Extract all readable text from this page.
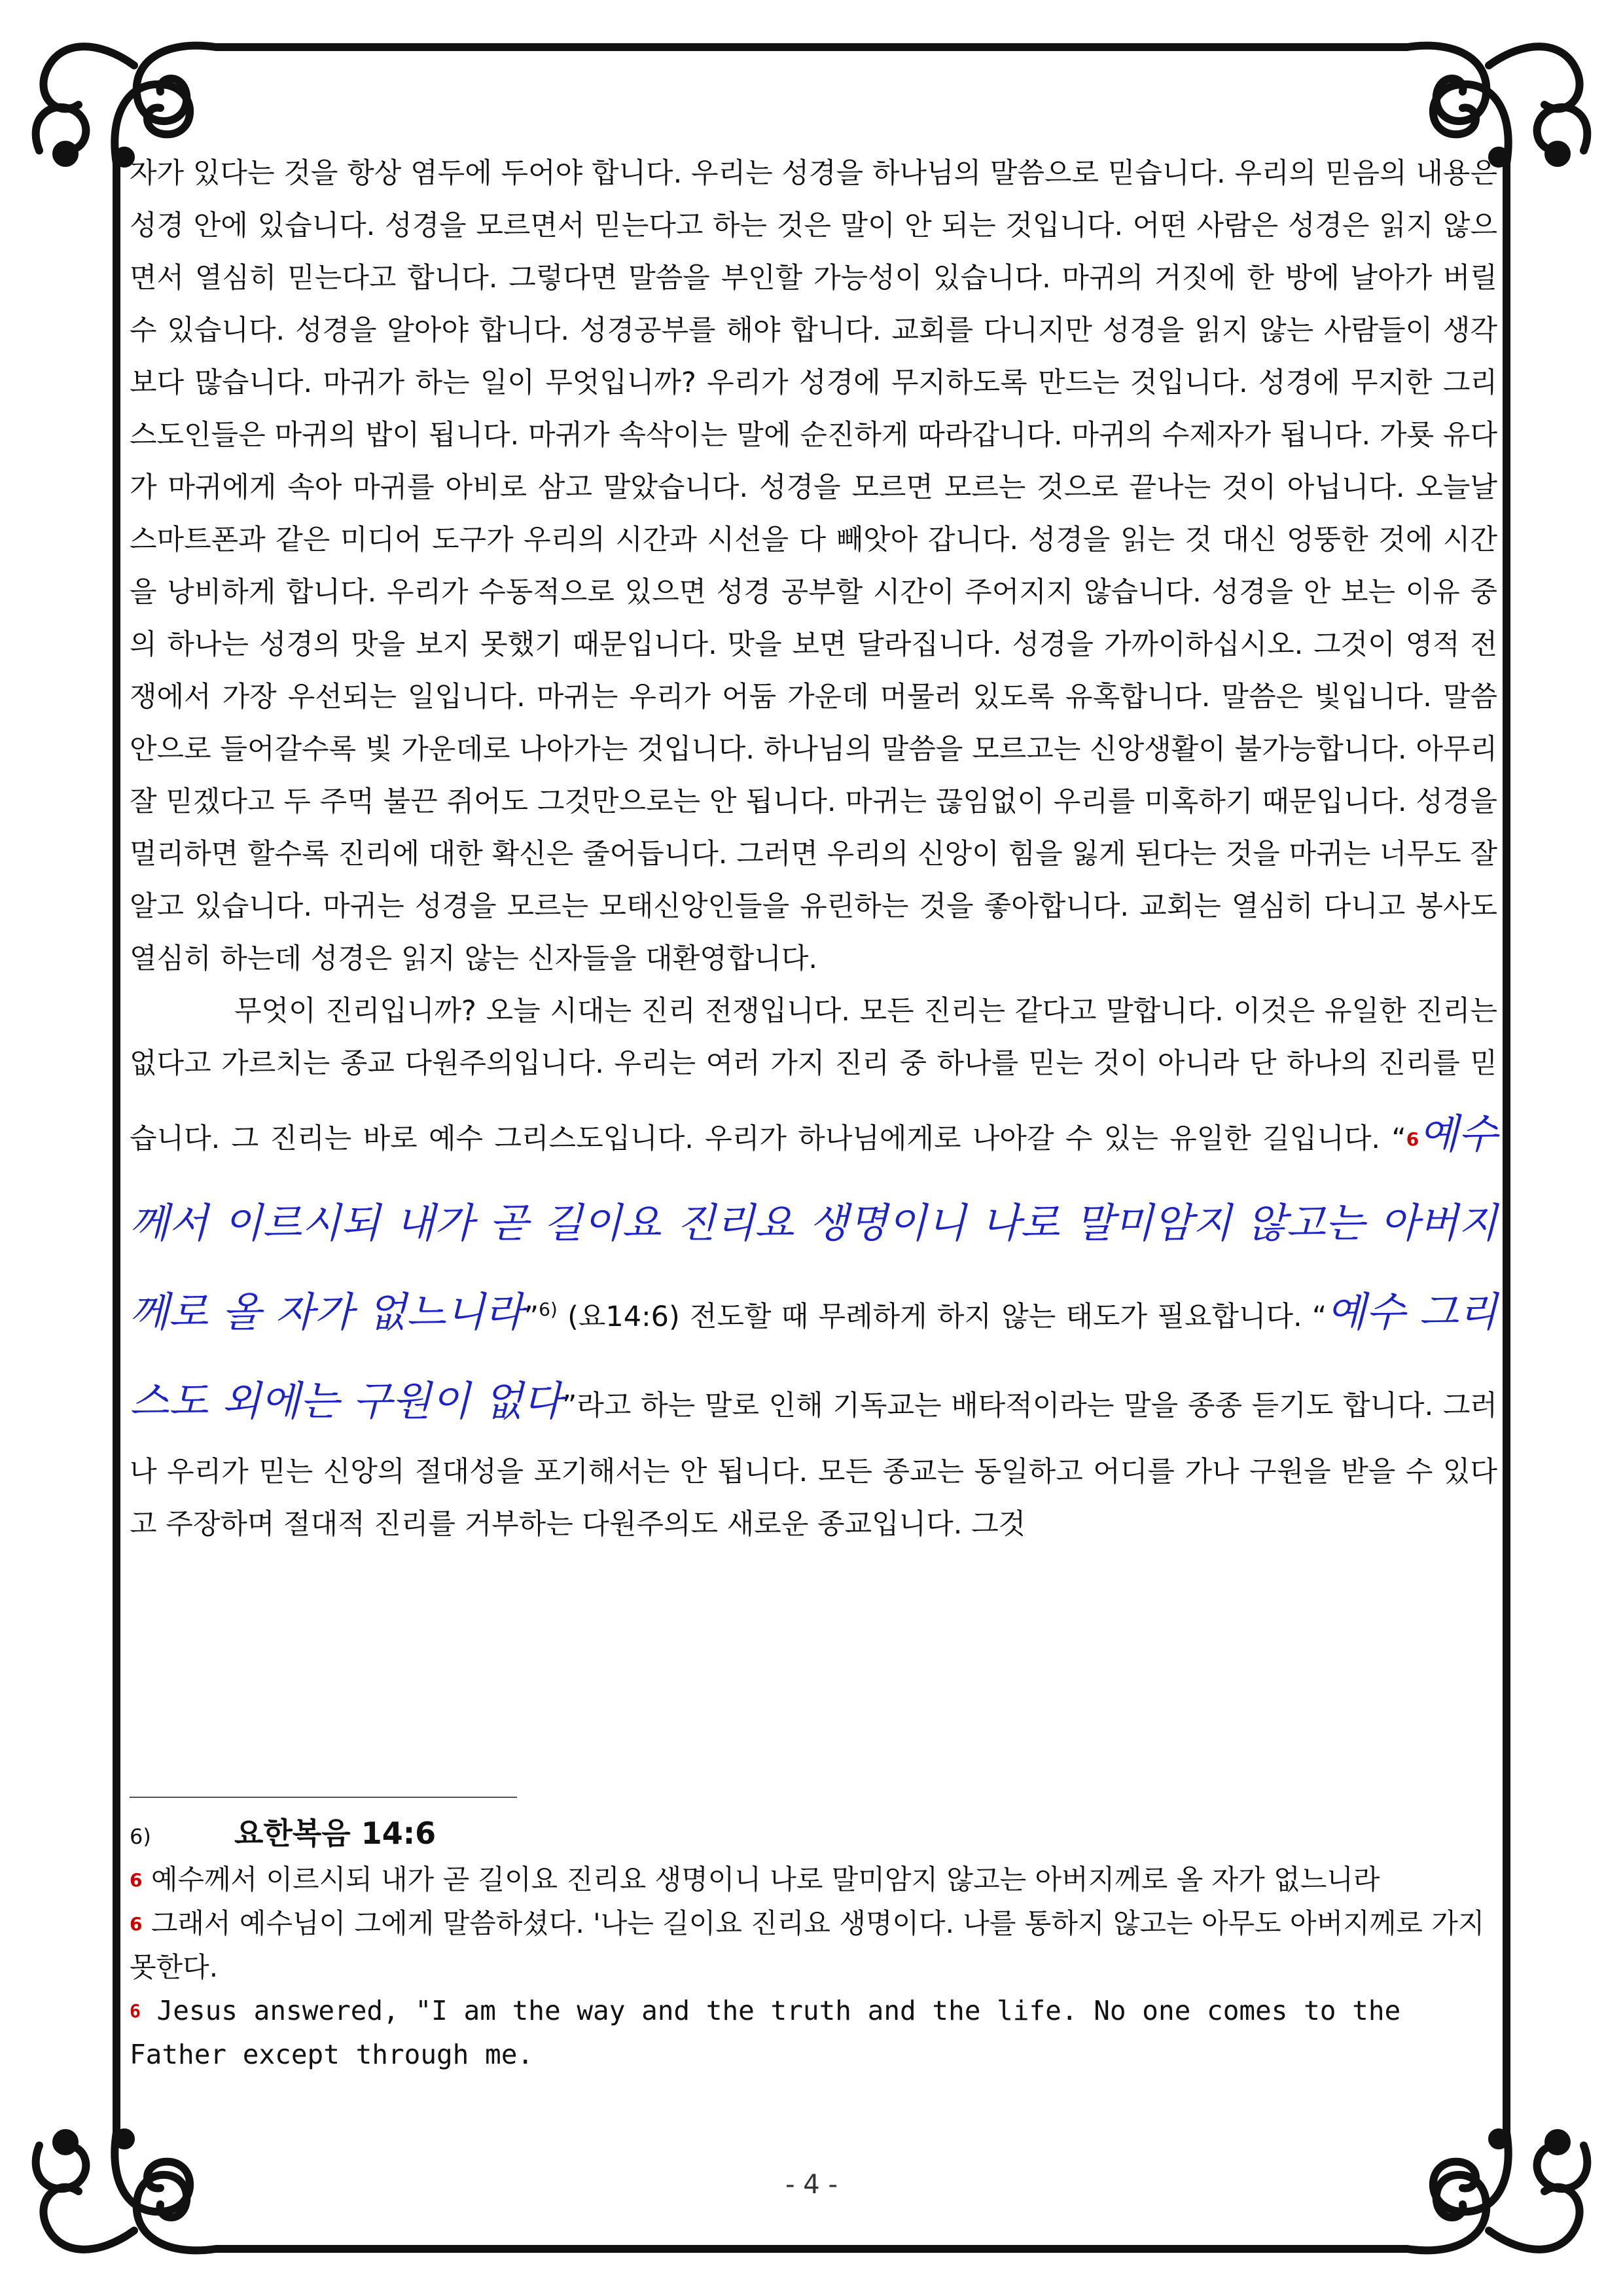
자가 있다는 것을 항상 염두에 두어야 합니다. 우리는 성경을 하나님의 말씀으로 믿습니다. 우리의 믿음의 내용은 성경 안에 있습니다. 성경을 모르면서 믿는다고 하는 것은 말이 안 되는 것입니다. 어떤 사람은 성경은 읽지 않으면서 열심히 믿는다고 합니다. 그렇다면 말씀을 부인할 가능성이 있습니다. 마귀의 거짓에 한 방에 날아가 버릴 수 있습니다. 성경을 알아야 합니다. 성경공부를 해야 합니다. 교회를 다니지만 성경을 읽지 않는 사람들이 생각보다 많습니다. 마귀가 하는 일이 무엇입니까? 우리가 성경에 무지하도록 만드는 것입니다. 성경에 무지한 그리스도인들은 마귀의 밥이 됩니다. 마귀가 속삭이는 말에 순진하게 따라갑니다. 마귀의 수제자가 됩니다. 가룟 유다가 마귀에게 속아 마귀를 아비로 삼고 말았습니다. 성경을 모르면 모르는 것으로 끝나는 것이 아닙니다. 오늘날 스마트폰과 같은 미디어 도구가 우리의 시간과 시선을 다 빼앗아 갑니다. 성경을 읽는 것 대신 엉뚱한 것에 시간을 낭비하게 합니다. 우리가 수동적으로 있으면 성경 공부할 시간이 주어지지 않습니다. 성경을 안 보는 이유 중의 하나는 성경의 맛을 보지 못했기 때문입니다. 맛을 보면 달라집니다. 성경을 가까이하십시오. 그것이 영적 전쟁에서 가장 우선되는 일입니다. 마귀는 우리가 어둠 가운데 머물러 있도록 유혹합니다. 말씀은 빛입니다. 말씀 안으로 들어갈수록 빛 가운데로 나아가는 것입니다. 하나님의 말씀을 모르고는 신앙생활이 불가능합니다. 아무리 잘 믿겠다고 두 주먹 불끈 쥐어도 그것만으로는 안 됩니다. 마귀는 끊임없이 우리를 미혹하기 때문입니다. 성경을 멀리하면 할수록 진리에 대한 확신은 줄어듭니다. 그러면 우리의 신앙이 힘을 잃게 된다는 것을 마귀는 너무도 잘 알고 있습니다. 마귀는 성경을 모르는 모태신앙인들을 유린하는 것을 좋아합니다. 교회는 열심히 다니고 봉사도 열심히 하는데 성경은 읽지 않는 신자들을 대환영합니다.

무엇이 진리입니까? 오늘 시대는 진리 전쟁입니다. 모든 진리는 같다고 말합니다. 이것은 유일한 진리는 없다고 가르치는 종교 다원주의입니다. 우리는 여러 가지 진리 중 하나를 믿는 것이 아니라 단 하나의 진리를 믿습니다. 그 진리는 바로 예수 그리스도입니다. 우리가 하나님에게로 나아갈 수 있는 유일한 길입니다. “6예수께서 이르시되 내가 곧 길이요 진리요 생명이니 나로 말미암지 않고는 아버지께로 올 자가 없느니라”$^{6)}$ (요14:6) 전도할 때 무례하게 하지 않는 태도가 필요합니다. “예수 그리스도 외에는 구원이 없다”라고 하는 말로 인해 기독교는 배타적이라는 말을 종종 듣기도 합니다. 그러나 우리가 믿는 신앙의 절대성을 포기해서는 안 됩니다. 모든 종교는 동일하고 어디를 가나 구원을 받을 수 있다고 주장하며 절대적 진리를 거부하는 다원주의도 새로운 종교입니다. 그것

6)	요한복음 14:6

6 예수께서 이르시되 내가 곧 길이요 진리요 생명이니 나로 말미암지 않고는 아버지께로 올 자가 없느니라

6 그래서 예수님이 그에게 말씀하셨다. '나는 길이요 진리요 생명이다. 나를 통하지 않고는 아무도 아버지께로 가지 못한다.

6 Jesus answered, "I am the way and the truth and the life. No one comes to the Father except through me.

- 4 -
